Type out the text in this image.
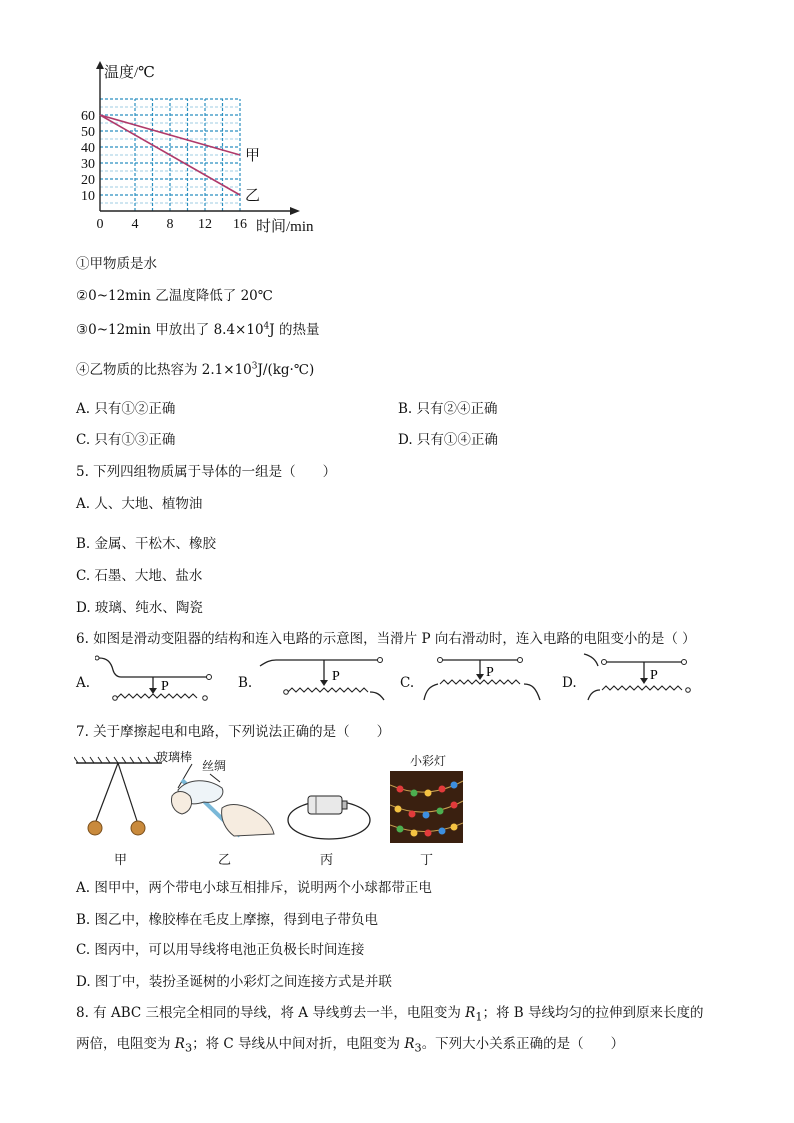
温度/℃
时间/min
10
20
30
40
50
60
0 4 8 12 16
甲
乙
①甲物质是水
②0~12min 乙温度降低了 20℃
③0~12min 甲放出了 $8.4\times 10^4J$ 的热量
④乙物质的比热容为 $2.1\times 10^3J/(kg\cdot℃)$
A. 只有①②正确	B. 只有②④正确
C. 只有①③正确	D. 只有①④正确
5. 下列四组物质属于导体的一组是（　　）
A. 人、大地、植物油
B. 金属、干松木、橡胶
C. 石墨、大地、盐水
D. 玻璃、纯水、陶瓷
6. 如图是滑动变阻器的结构和连入电路的示意图，当滑片 P 向右滑动时，连入电路的电阻变小的是（ ）
A.	P	B.	P	C.
P
D.	P
7. 关于摩擦起电和电路，下列说法正确的是（　　）
甲
玻璃棒
丝绸
乙	丙
小彩灯
丁
A. 图甲中，两个带电小球互相排斥，说明两个小球都带正电
B. 图乙中，橡胶棒在毛皮上摩擦，得到电子带负电
C. 图丙中，可以用导线将电池正负极长时间连接
D. 图丁中，装扮圣诞树的小彩灯之间连接方式是并联
8. 有 ABC 三根完全相同的导线，将 A 导线剪去一半，电阻变为 $R_1$；将 B 导线均匀的拉伸到原来长度的
两倍，电阻变为 $R_3$；将 C 导线从中间对折，电阻变为 $R_3$。下列大小关系正确的是（　　）
